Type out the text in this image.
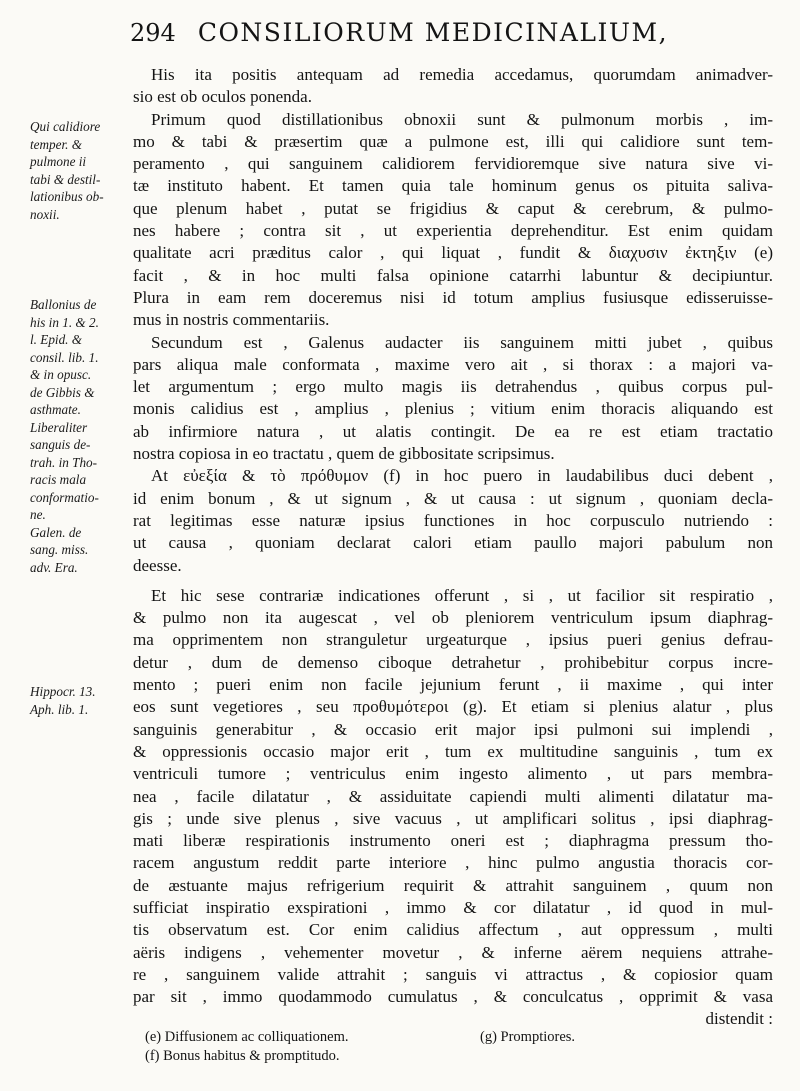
294 CONSILIORUM MEDICINALIUM,
Qui calidiore
temper. &
pulmone ii
tabi & destil-
lationibus ob-
noxii.
Ballonius de
his in 1. & 2.
l. Epid. &
consil. lib. 1.
& in opusc.
de Gibbis &
asthmate.
Liberaliter
sanguis de-
trah. in Tho-
racis mala
conformatio-
ne.
Galen. de
sang. miss.
adv. Era.
Hippocr. 13.
Aph. lib. 1.
His ita positis antequam ad remedia accedamus, quorumdam animadver-
sio est ob oculos ponenda.
Primum quod distillationibus obnoxii sunt & pulmonum morbis , im-
mo & tabi & præsertim quæ a pulmone est, illi qui calidiore sunt tem-
peramento , qui sanguinem calidiorem fervidioremque sive natura sive vi-
tæ instituto habent. Et tamen quia tale hominum genus os pituita saliva-
que plenum habet , putat se frigidius & caput & cerebrum, & pulmo-
nes habere ; contra sit , ut experientia deprehenditur. Est enim quidam
qualitate acri præditus calor , qui liquat , fundit & διαχυσιν ἐκτηξιν (e)
facit , & in hoc multi falsa opinione catarrhi labuntur & decipiuntur.
Plura in eam rem doceremus nisi id totum amplius fusiusque edisseruisse-
mus in nostris commentariis.
Secundum est , Galenus audacter iis sanguinem mitti jubet , quibus
pars aliqua male conformata , maxime vero ait , si thorax : a majori va-
let argumentum ; ergo multo magis iis detrahendus , quibus corpus pul-
monis calidius est , amplius , plenius ; vitium enim thoracis aliquando est
ab infirmiore natura , ut alatis contingit. De ea re est etiam tractatio
nostra copiosa in eo tractatu , quem de gibbositate scripsimus.
At εὐεξία & τὸ πρόθυμον (f) in hoc puero in laudabilibus duci debent ,
id enim bonum , & ut signum , & ut causa : ut signum , quoniam decla-
rat legitimas esse naturæ ipsius functiones in hoc corpusculo nutriendo :
ut causa , quoniam declarat calori etiam paullo majori pabulum non
deesse.
Et hic sese contrariæ indicationes offerunt , si , ut facilior sit respiratio ,
& pulmo non ita augescat , vel ob pleniorem ventriculum ipsum diaphrag-
ma opprimentem non stranguletur urgeaturque , ipsius pueri genius defrau-
detur , dum de demenso ciboque detrahetur , prohibebitur corpus incre-
mento ; pueri enim non facile jejunium ferunt , ii maxime , qui inter
eos sunt vegetiores , seu προθυμότεροι (g). Et etiam si plenius alatur , plus
sanguinis generabitur , & occasio erit major ipsi pulmoni sui implendi ,
& oppressionis occasio major erit , tum ex multitudine sanguinis , tum ex
ventriculi tumore ; ventriculus enim ingesto alimento , ut pars membra-
nea , facile dilatatur , & assiduitate capiendi multi alimenti dilatatur ma-
gis ; unde sive plenus , sive vacuus , ut amplificari solitus , ipsi diaphrag-
mati liberæ respirationis instrumento oneri est ; diaphragma pressum tho-
racem angustum reddit parte interiore , hinc pulmo angustia thoracis cor-
de æstuante majus refrigerium requirit & attrahit sanguinem , quum non
sufficiat inspiratio exspirationi , immo & cor dilatatur , id quod in mul-
tis observatum est. Cor enim calidius affectum , aut oppressum , multi
aëris indigens , vehementer movetur , & inferne aërem nequiens attrahe-
re , sanguinem valide attrahit ; sanguis vi attractus , & copiosior quam
par sit , immo quodammodo cumulatus , & conculcatus , opprimit & vasa
distendit :
(e) Diffusionem ac colliquationem.	(g) Promptiores.
(f) Bonus habitus & promptitudo.
